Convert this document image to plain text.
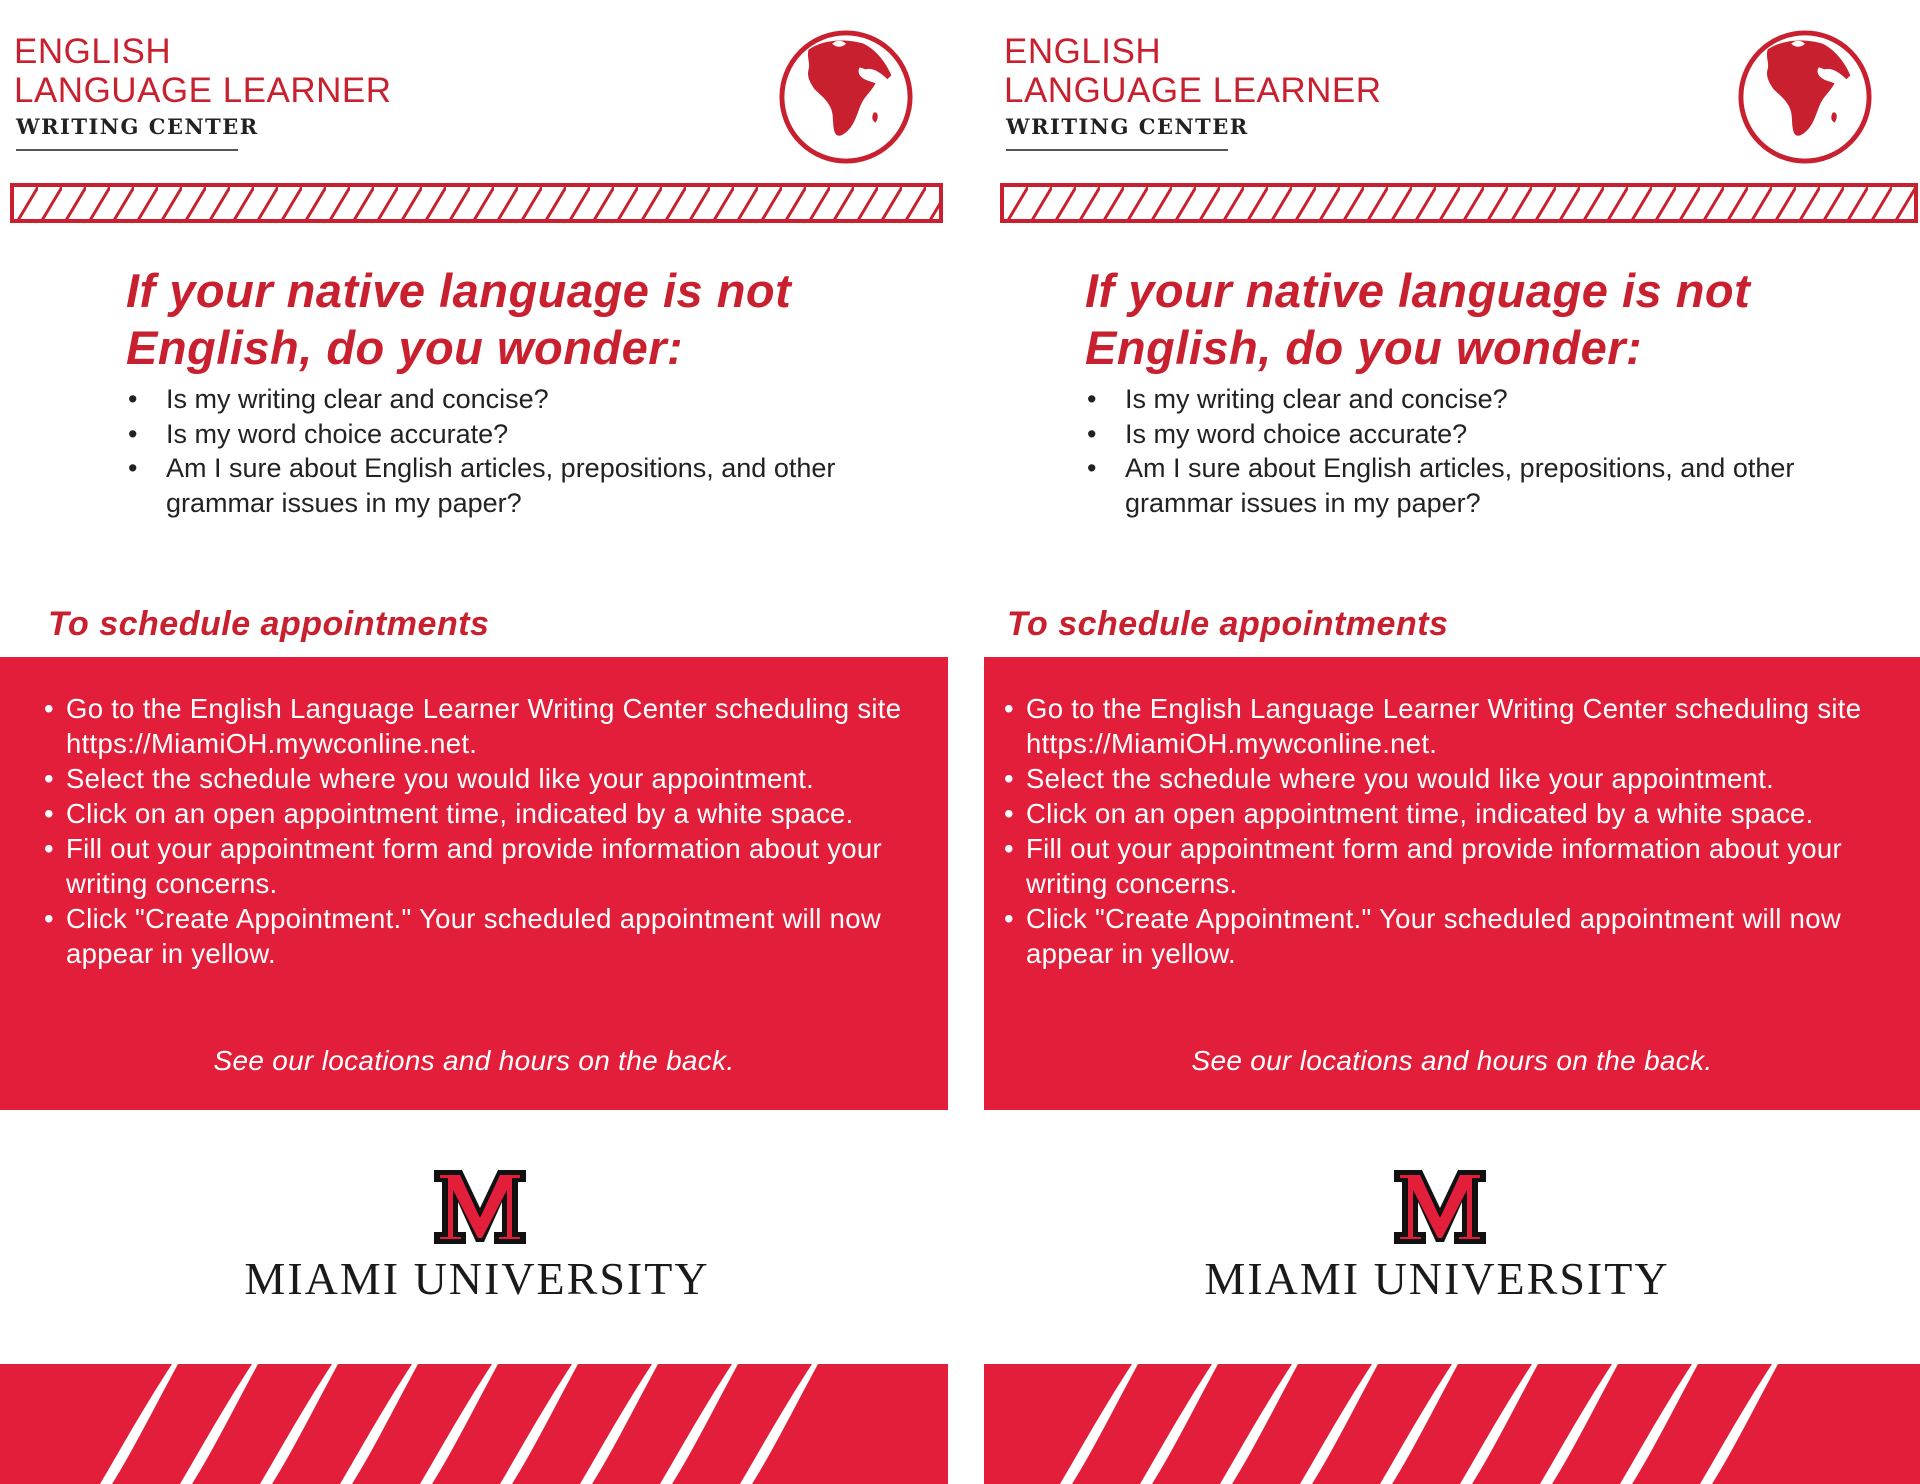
ENGLISH
LANGUAGE LEARNER
WRITING CENTER
If your native language is not English, do you wonder:
• Is my writing clear and concise?
• Is my word choice accurate?
• Am I sure about English articles, prepositions, and other grammar issues in my paper?
To schedule appointments
• Go to the English Language Learner Writing Center scheduling site https://MiamiOH.mywconline.net.
• Select the schedule where you would like your appointment.
• Click on an open appointment time, indicated by a white space.
• Fill out your appointment form and provide information about your writing concerns.
• Click "Create Appointment." Your scheduled appointment will now appear in yellow.
See our locations and hours on the back.
MIAMI UNIVERSITY
ENGLISH
LANGUAGE LEARNER
WRITING CENTER
If your native language is not English, do you wonder:
• Is my writing clear and concise?
• Is my word choice accurate?
• Am I sure about English articles, prepositions, and other grammar issues in my paper?
To schedule appointments
• Go to the English Language Learner Writing Center scheduling site https://MiamiOH.mywconline.net.
• Select the schedule where you would like your appointment.
• Click on an open appointment time, indicated by a white space.
• Fill out your appointment form and provide information about your writing concerns.
• Click "Create Appointment." Your scheduled appointment will now appear in yellow.
See our locations and hours on the back.
MIAMI UNIVERSITY
